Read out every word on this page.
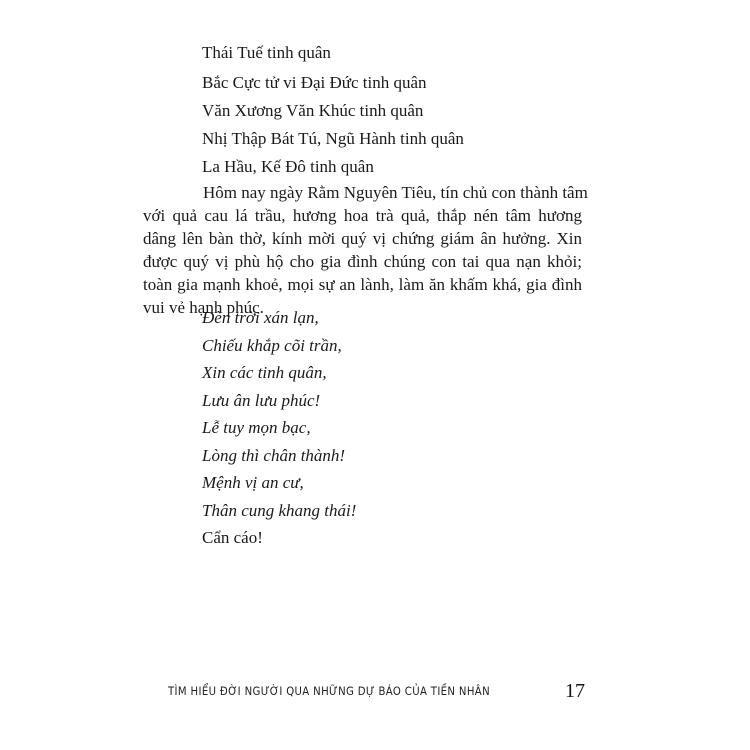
Thái Tuế tinh quân
Bắc Cực tử vi Đại Đức tinh quân
Văn Xương Văn Khúc tinh quân
Nhị Thập Bát Tú, Ngũ Hành tinh quân
La Hầu, Kế Đô tinh quân
Hôm nay ngày Rằm Nguyên Tiêu, tín chủ con thành tâm
với quả cau lá trầu, hương hoa trà quả, thắp nén tâm hương
dâng lên bàn thờ, kính mời quý vị chứng giám ân hưởng. Xin
được quý vị phù hộ cho gia đình chúng con tai qua nạn khỏi;
toàn gia mạnh khoẻ, mọi sự an lành, làm ăn khấm khá, gia đình
vui vẻ hạnh phúc.
Đèn trời xán lạn,
Chiếu khắp cõi trần,
Xin các tinh quân,
Lưu ân lưu phúc!
Lễ tuy mọn bạc,
Lòng thì chân thành!
Mệnh vị an cư,
Thân cung khang thái!
Cẩn cáo!
TÌM HIỂU ĐỜI NGƯỜI QUA NHỮNG DỰ BÁO CỦA TIỀN NHÂN	17
